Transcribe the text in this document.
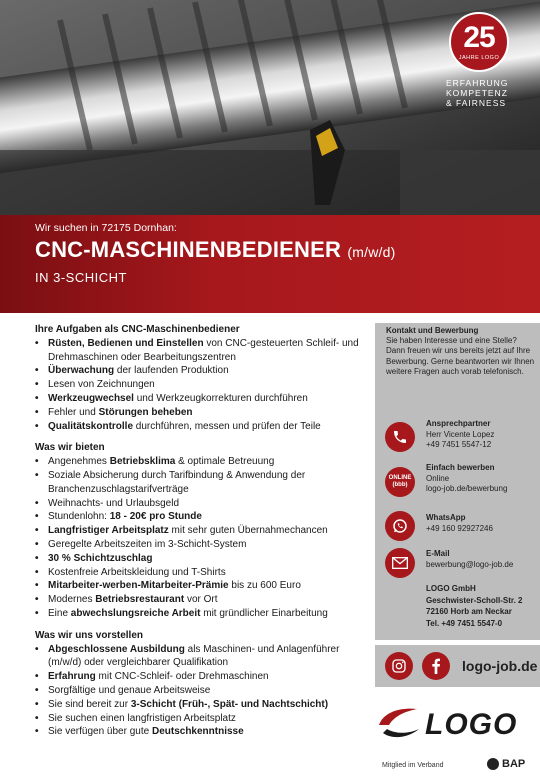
25
JAHRE LOGO
ERFAHRUNG
KOMPETENZ
& FAIRNESS
Wir suchen in 72175 Dornhan:
CNC-MASCHINENBEDIENER (m/w/d)
IN 3-SCHICHT
Ihre Aufgaben als CNC-Maschinenbediener
• Rüsten, Bedienen und Einstellen von CNC-gesteuerten Schleif- und Drehmaschinen oder Bearbeitungszentren
• Überwachung der laufenden Produktion
• Lesen von Zeichnungen
• Werkzeugwechsel und Werkzeugkorrekturen durchführen
• Fehler und Störungen beheben
• Qualitätskontrolle durchführen, messen und prüfen der Teile
Was wir bieten
• Angenehmes Betriebsklima & optimale Betreuung
• Soziale Absicherung durch Tarifbindung & Anwendung der Branchenzuschlagstarifverträge
• Weihnachts- und Urlaubsgeld
• Stundenlohn: 18 - 20€ pro Stunde
• Langfristiger Arbeitsplatz mit sehr guten Übernahmechancen
• Geregelte Arbeitszeiten im 3-Schicht-System
• 30 % Schichtzuschlag
• Kostenfreie Arbeitskleidung und T-Shirts
• Mitarbeiter-werben-Mitarbeiter-Prämie bis zu 600 Euro
• Modernes Betriebsrestaurant vor Ort
• Eine abwechslungsreiche Arbeit mit gründlicher Einarbeitung
Was wir uns vorstellen
• Abgeschlossene Ausbildung als Maschinen- und Anlagenführer (m/w/d) oder vergleichbarer Qualifikation
• Erfahrung mit CNC-Schleif- oder Drehmaschinen
• Sorgfältige und genaue Arbeitsweise
• Sie sind bereit zur 3-Schicht (Früh-, Spät- und Nachtschicht)
• Sie suchen einen langfristigen Arbeitsplatz
• Sie verfügen über gute Deutschkenntnisse
Kontakt und Bewerbung
Sie haben Interesse und eine Stelle? Dann freuen wir uns bereits jetzt auf Ihre Bewerbung. Gerne beantworten wir Ihnen weitere Fragen auch vorab telefonisch.
Ansprechpartner
Herr Vicente Lopez
+49 7451 5547-12
ONLINE
(bbb)
Einfach bewerben
Online
logo-job.de/bewerbung
WhatsApp
+49 160 92927246
E-Mail
bewerbung@logo-job.de
LOGO GmbH
Geschwister-Scholl-Str. 2
72160 Horb am Neckar
Tel. +49 7451 5547-0
logo-job.de
LOGO
Mitglied im Verband	BAP
